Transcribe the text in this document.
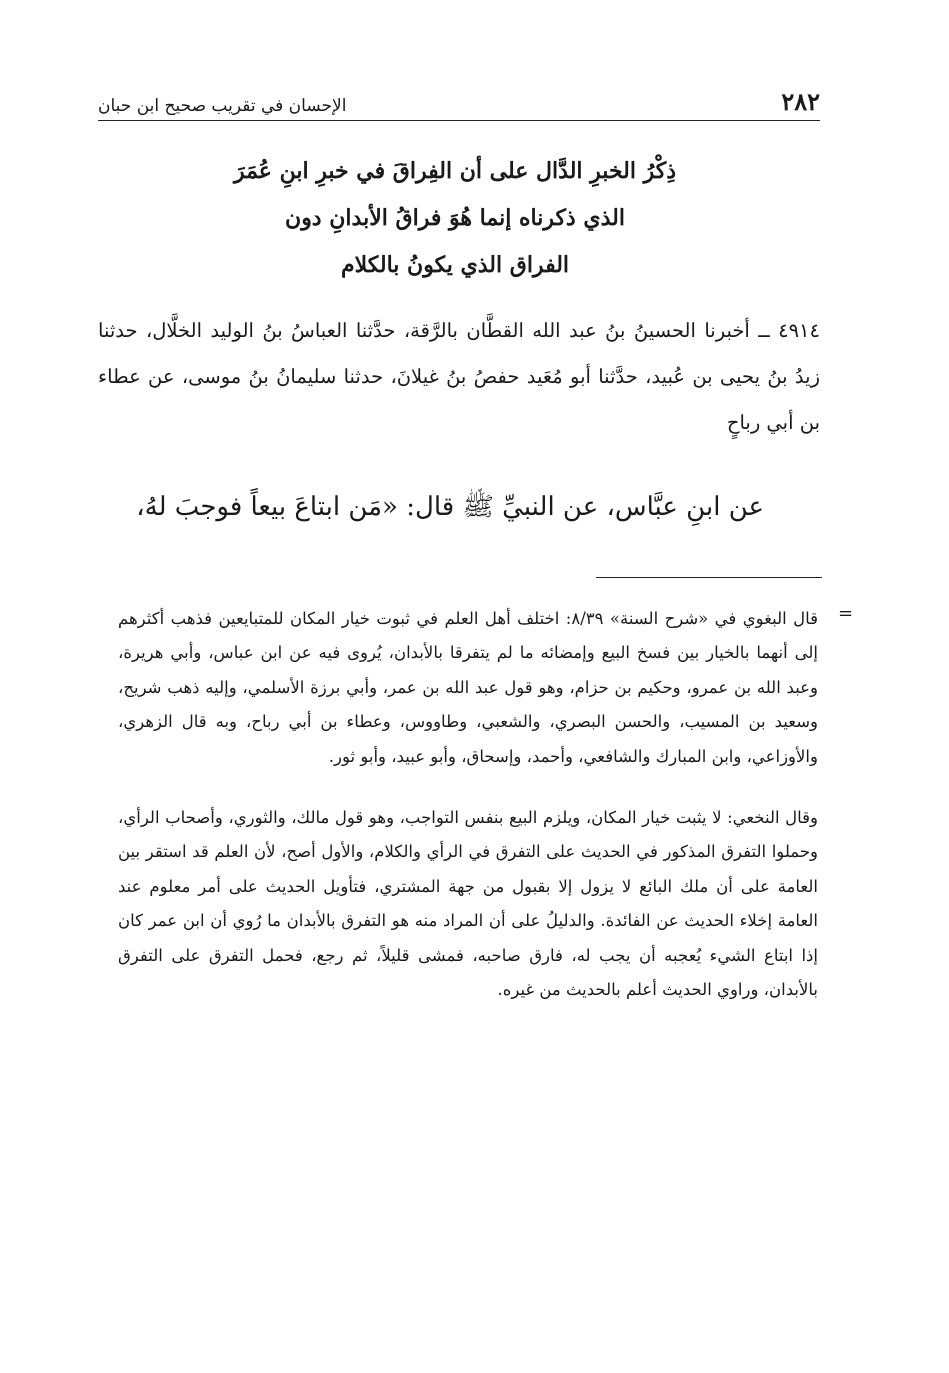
٢٨٢
الإحسان في تقريب صحيح ابن حبان
ذِكْرُ الخبرِ الدَّال على أن الفِراقَ في خبرِ ابنِ عُمَرَ
الذي ذكرناه إنما هُوَ فراقُ الأبدانِ دون
الفراق الذي يكونُ بالكلام
٤٩١٤ ــ أخبرنا الحسينُ بنُ عبد الله القطَّان بالرَّقة، حدَّثنا العباسُ بنُ الوليد الخلَّال، حدثنا زيدُ بنُ يحيى بن عُبيد، حدَّثنا أبو مُعَيد حفصُ بنُ غيلانَ، حدثنا سليمانُ بنُ موسى، عن عطاء بن أبي رباحٍ
عن ابنِ عبَّاس، عن النبيِّ ﷺ قال: «مَن ابتاعَ بيعاً فوجبَ لهُ،
=

قال البغوي في «شرح السنة» ٨/٣٩: اختلف أهل العلم في ثبوت خيار المكان للمتبايعين فذهب أكثرهم إلى أنهما بالخيار بين فسخ البيع وإمضائه ما لم يتفرقا بالأبدان، يُروى فيه عن ابن عباس، وأبي هريرة، وعبد الله بن عمرو، وحكيم بن حزام، وهو قول عبد الله بن عمر، وأبي برزة الأسلمي، وإليه ذهب شريح، وسعيد بن المسيب، والحسن البصري، والشعبي، وطاووس، وعطاء بن أبي رباح، وبه قال الزهري، والأوزاعي، وابن المبارك والشافعي، وأحمد، وإسحاق، وأبو عبيد، وأبو ثور.

وقال النخعي: لا يثبت خيار المكان، ويلزم البيع بنفس التواجب، وهو قول مالك، والثوري، وأصحاب الرأي، وحملوا التفرق المذكور في الحديث على التفرق في الرأي والكلام، والأول أصح، لأن العلم قد استقر بين العامة على أن ملك البائع لا يزول إلا بقبول من جهة المشتري، فتأويل الحديث على أمر معلوم عند العامة إخلاء الحديث عن الفائدة. والدليلُ على أن المراد منه هو التفرق بالأبدان ما رُوي أن ابن عمر كان إذا ابتاع الشيء يُعجبه أن يجب له، فارق صاحبه، فمشى قليلاً، ثم رجع، فحمل التفرق على التفرق بالأبدان، وراوي الحديث أعلم بالحديث من غيره.
